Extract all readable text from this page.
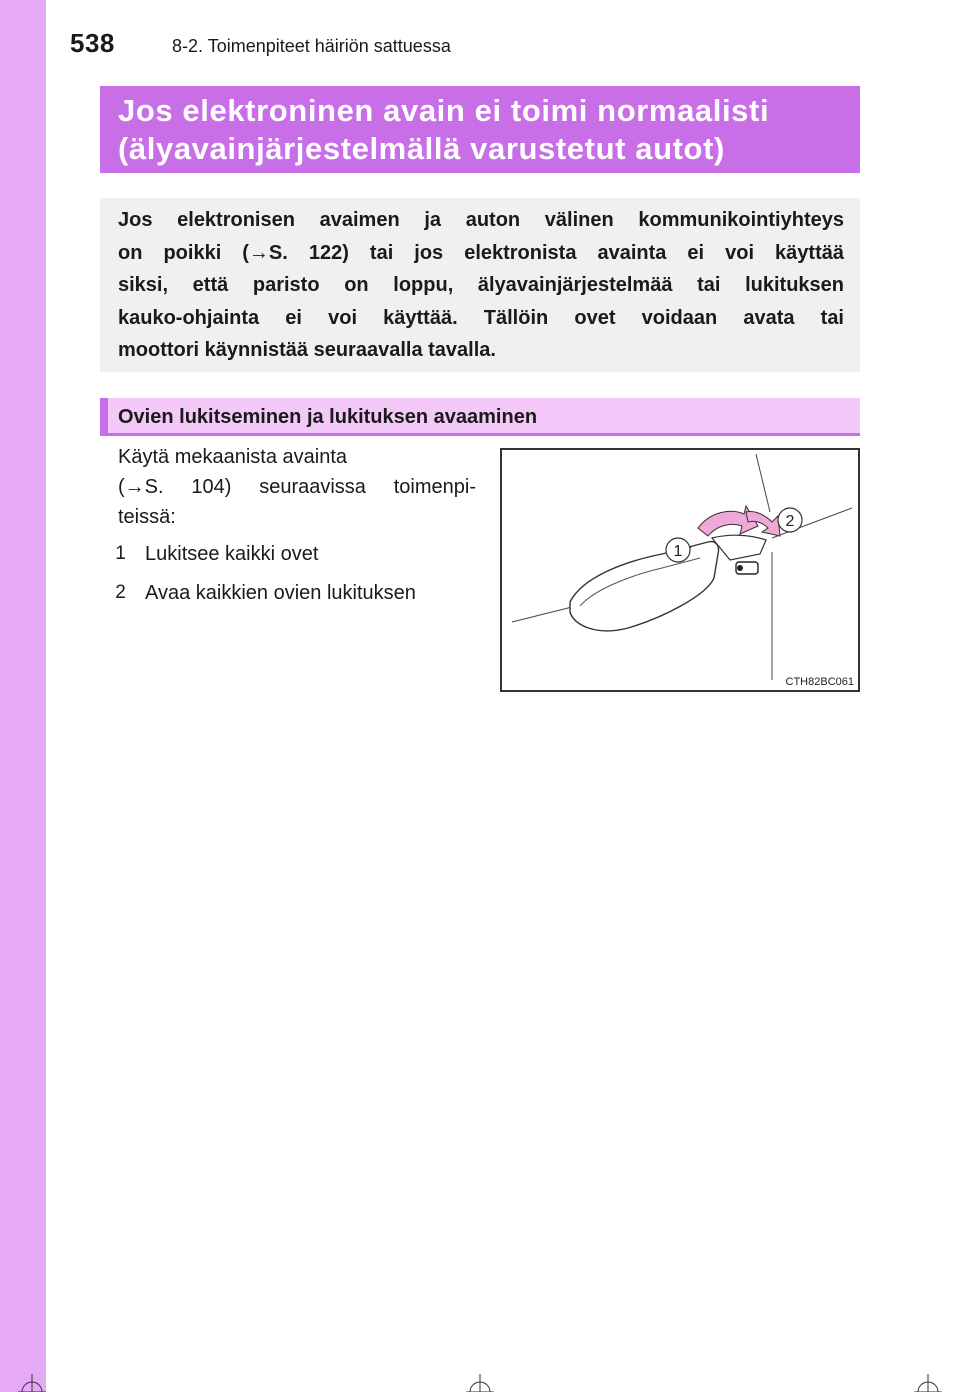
538	8-2. Toimenpiteet häiriön sattuessa
Jos elektroninen avain ei toimi normaalisti
(älyavainjärjestelmällä varustetut autot)
Jos elektronisen avaimen ja auton välinen kommunikointiyhteys
on poikki (→S. 122) tai jos elektronista avainta ei voi käyttää
siksi, että paristo on loppu, älyavainjärjestelmää tai lukituksen
kauko-ohjainta ei voi käyttää. Tällöin ovet voidaan avata tai
moottori käynnistää seuraavalla tavalla.
Ovien lukitseminen ja lukituksen avaaminen
Käytä mekaanista avainta
(→S. 104) seuraavissa toimenpi-
teissä:
1 Lukitsee kaikki ovet
2 Avaa kaikkien ovien lukituksen
1
2
CTH82BC061
